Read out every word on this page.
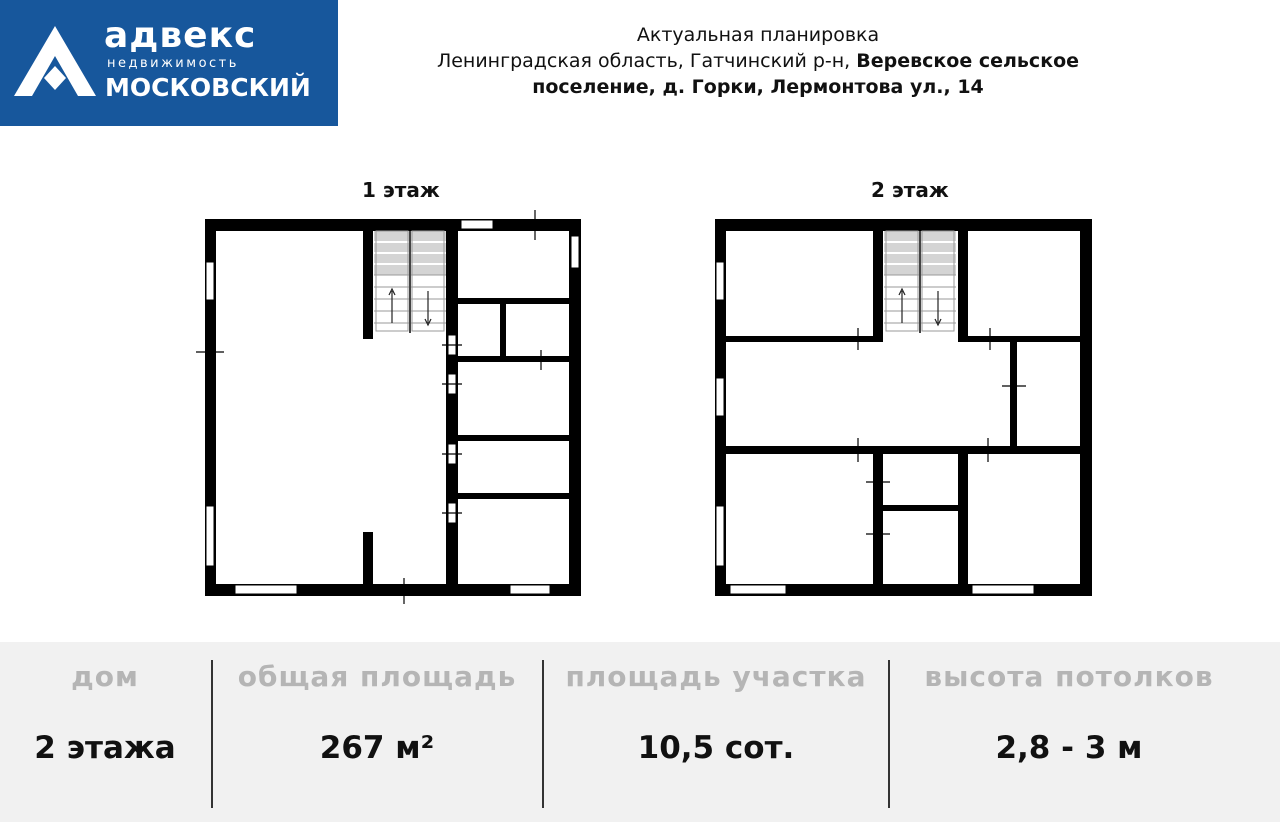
адвекс
недвижимость
МОСКОВСКИЙ
Актуальная планировка
Ленинградская область, Гатчинский р-н, Веревское сельское
поселение, д. Горки, Лермонтова ул., 14
1 этаж	2 этаж
дом
2 этажа
общая площадь
267 м²
площадь участка
10,5 сот.
высота потолков
2,8 - 3 м
